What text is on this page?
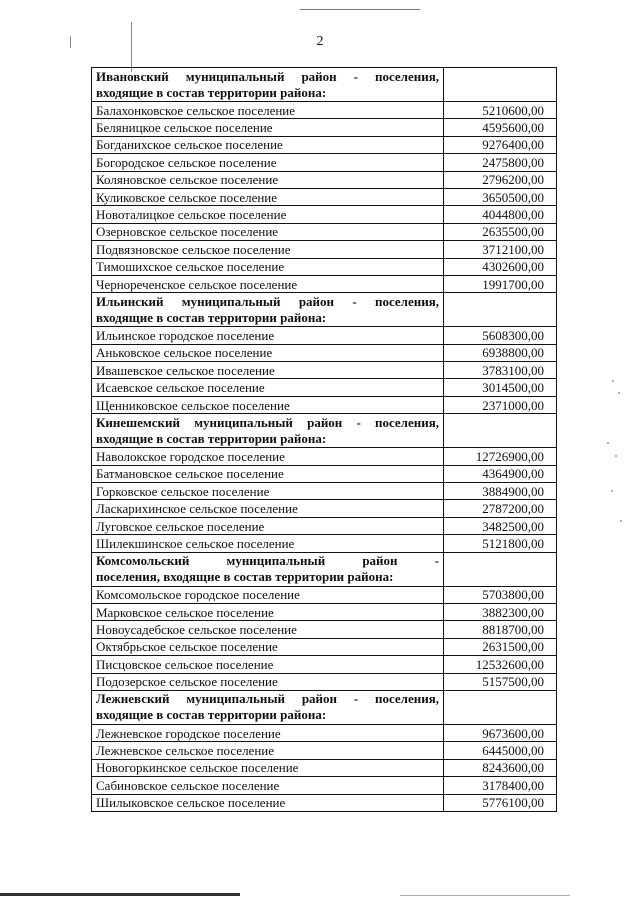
2
Ивановский муниципальный район - поселения,
входящие в состав территории района:	

Балахонковское сельское поселение	5210600,00
Беляницкое сельское поселение	4595600,00
Богданихское сельское поселение	9276400,00
Богородское сельское поселение	2475800,00
Коляновское сельское поселение	2796200,00
Куликовское сельское поселение	3650500,00
Новоталицкое сельское поселение	4044800,00
Озерновское сельское поселение	2635500,00
Подвязновское сельское поселение	3712100,00
Тимошихское сельское поселение	4302600,00
Чернореченское сельское поселение	1991700,00

Ильинский муниципальный район - поселения,
входящие в состав территории района:	

Ильинское городское поселение	5608300,00
Аньковское сельское поселение	6938800,00
Ивашевское сельское поселение	3783100,00
Исаевское сельское поселение	3014500,00
Щенниковское сельское поселение	2371000,00

Кинешемский муниципальный район - поселения,
входящие в состав территории района:	

Наволокское городское поселение	12726900,00
Батмановское сельское поселение	4364900,00
Горковское сельское поселение	3884900,00
Ласкарихинское сельское поселение	2787200,00
Луговское сельское поселение	3482500,00
Шилекшинское сельское поселение	5121800,00

Комсомольский муниципальный район -
поселения, входящие в состав территории района:	

Комсомольское городское поселение	5703800,00
Марковское сельское поселение	3882300,00
Новоусадебское сельское поселение	8818700,00
Октябрьское сельское поселение	2631500,00
Писцовское сельское поселение	12532600,00
Подозерское сельское поселение	5157500,00

Лежневский муниципальный район - поселения,
входящие в состав территории района:	

Лежневское городское поселение	9673600,00
Лежневское сельское поселение	6445000,00
Новогоркинское сельское поселение	8243600,00
Сабиновское сельское поселение	3178400,00
Шилыковское сельское поселение	5776100,00
